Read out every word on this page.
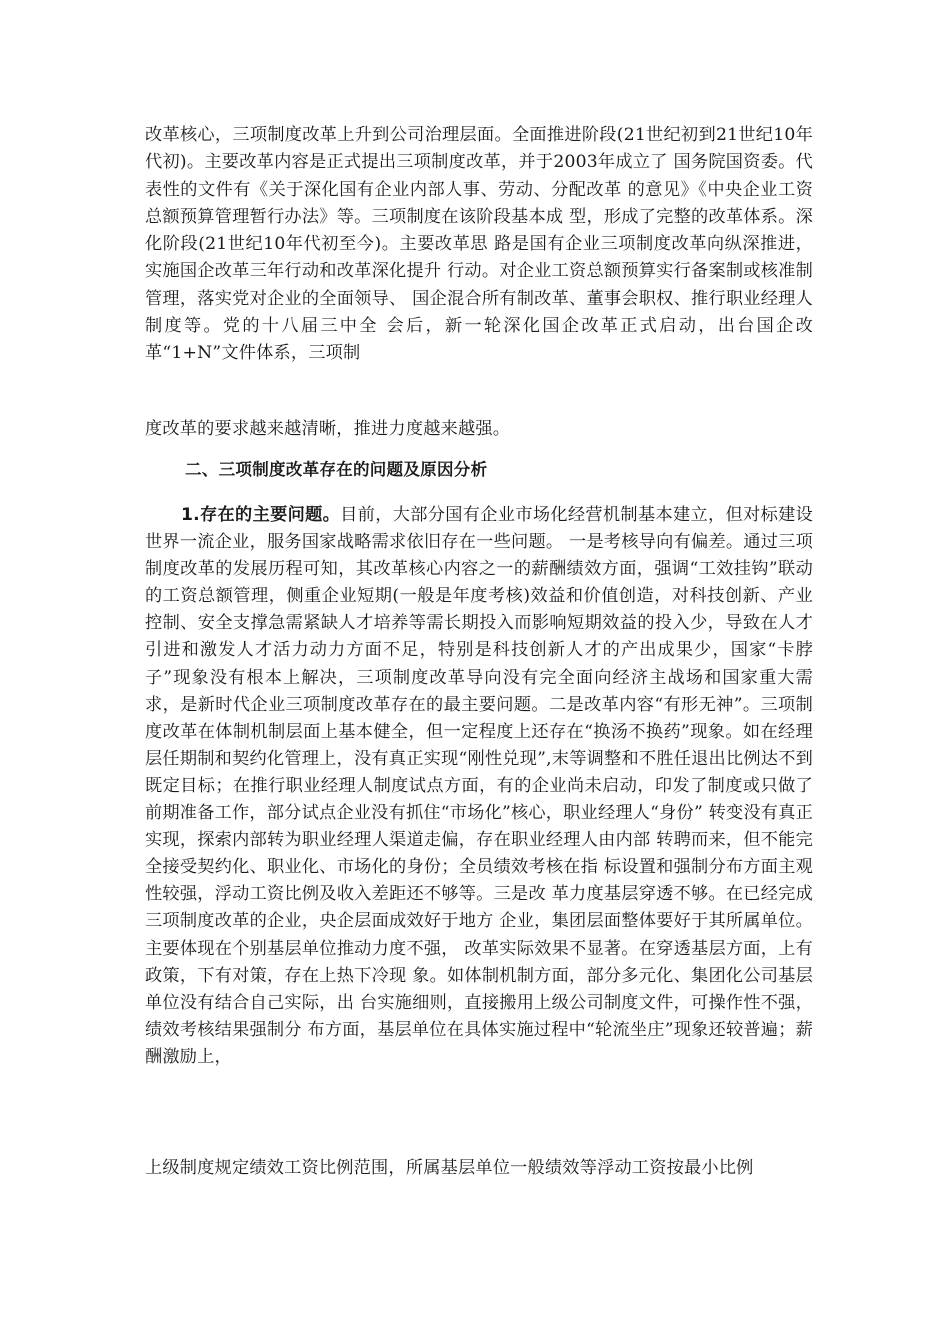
改革核心，三项制度改革上升到公司治理层面。全面推进阶段(21世纪初到21世纪10年代初)。主要改革内容是正式提出三项制度改革，并于2003年成立了 国务院国资委。代表性的文件有《关于深化国有企业内部人事、劳动、分配改革 的意见》《中央企业工资总额预算管理暂行办法》等。三项制度在该阶段基本成 型，形成了完整的改革体系。深化阶段(21世纪10年代初至今)。主要改革思 路是国有企业三项制度改革向纵深推进，实施国企改革三年行动和改革深化提升 行动。对企业工资总额预算实行备案制或核准制管理，落实党对企业的全面领导、 国企混合所有制改革、董事会职权、推行职业经理人制度等。党的十八届三中全 会后，新一轮深化国企改革正式启动，出台国企改革“1+N”文件体系，三项制

度改革的要求越来越清晰，推进力度越来越强。

二、三项制度改革存在的问题及原因分析

1.存在的主要问题。目前，大部分国有企业市场化经营机制基本建立，但对标建设世界一流企业，服务国家战略需求依旧存在一些问题。 一是考核导向有偏差。通过三项制度改革的发展历程可知，其改革核心内容之一的薪酬绩效方面，强调“工效挂钩”联动的工资总额管理，侧重企业短期(一般是年度考核)效益和价值创造，对科技创新、产业控制、安全支撑急需紧缺人才培养等需长期投入而影响短期效益的投入少，导致在人才引进和激发人才活力动力方面不足，特别是科技创新人才的产出成果少，国家“卡脖子”现象没有根本上解决，三项制度改革导向没有完全面向经济主战场和国家重大需求，是新时代企业三项制度改革存在的最主要问题。二是改革内容“有形无神”。三项制度改革在体制机制层面上基本健全，但一定程度上还存在“换汤不换药”现象。如在经理层任期制和契约化管理上，没有真正实现“刚性兑现”,末等调整和不胜任退出比例达不到既定目标；在推行职业经理人制度试点方面，有的企业尚未启动，印发了制度或只做了前期准备工作，部分试点企业没有抓住“市场化”核心，职业经理人“身份” 转变没有真正实现，探索内部转为职业经理人渠道走偏，存在职业经理人由内部 转聘而来，但不能完全接受契约化、职业化、市场化的身份；全员绩效考核在指 标设置和强制分布方面主观性较强，浮动工资比例及收入差距还不够等。三是改 革力度基层穿透不够。在已经完成三项制度改革的企业，央企层面成效好于地方 企业，集团层面整体要好于其所属单位。主要体现在个别基层单位推动力度不强， 改革实际效果不显著。在穿透基层方面，上有政策，下有对策，存在上热下冷现 象。如体制机制方面，部分多元化、集团化公司基层单位没有结合自己实际，出 台实施细则，直接搬用上级公司制度文件，可操作性不强，绩效考核结果强制分 布方面，基层单位在具体实施过程中“轮流坐庄”现象还较普遍；薪酬激励上，

上级制度规定绩效工资比例范围，所属基层单位一般绩效等浮动工资按最小比例
